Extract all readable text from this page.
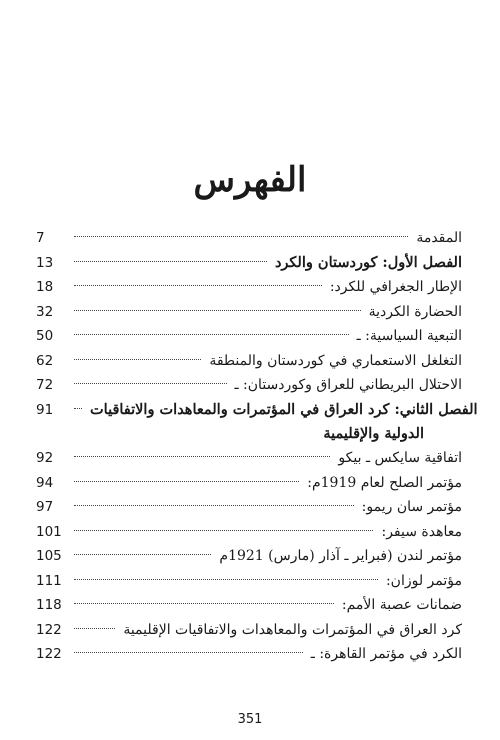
الفهرس
7	المقدمة
13	الفصل الأول: كوردستان والكرد
18	الإطار الجغرافي للكرد:
32	الحضارة الكردية
50	التبعية السياسية: ـ
62	التغلغل الاستعماري في كوردستان والمنطقة
72	الاحتلال البريطاني للعراق وكوردستان: ـ
91	الفصل الثاني: كرد العراق في المؤتمرات والمعاهدات والاتفاقيات
الدولية والإقليمية
92	اتفاقية سايكس ـ بيكو
94	مؤتمر الصلح لعام 1919م:
97	مؤتمر سان ريمو:
101	معاهدة سيفر:
105	مؤتمر لندن (فبراير ـ آذار (مارس) 1921م
111	مؤتمر لوزان:
118	ضمانات عصبة الأمم:
122	كرد العراق في المؤتمرات والمعاهدات والاتفاقيات الإقليمية
122	الكرد في مؤتمر القاهرة: ـ
351
